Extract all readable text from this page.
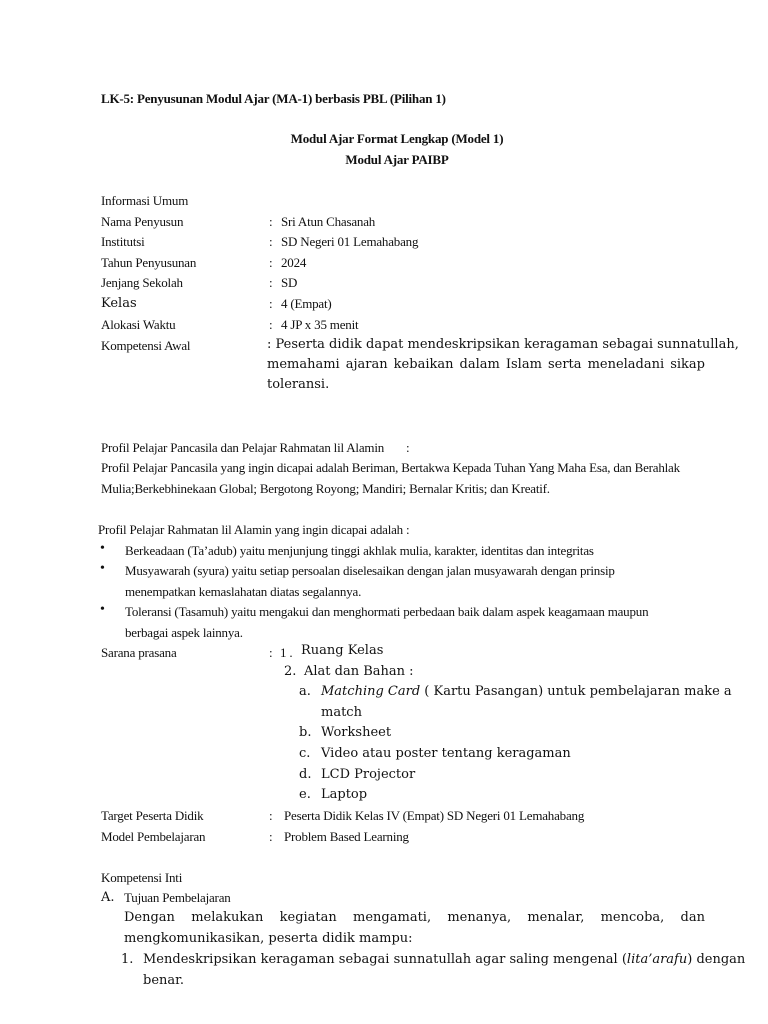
LK-5: Penyusunan Modul Ajar (MA-1) berbasis PBL (Pilihan 1)
Modul Ajar Format Lengkap (Model 1)
Modul Ajar PAIBP
Informasi Umum
Nama Penyusun	: Sri Atun Chasanah
Institutsi	: SD Negeri 01 Lemahabang
Tahun Penyusunan	: 2024
Jenjang Sekolah	: SD
Kelas	: 4 (Empat)
Alokasi Waktu	: 4 JP x 35 menit
Kompetensi Awal	: Peserta didik dapat mendeskripsikan keragaman sebagai sunnatullah,
memahami ajaran kebaikan dalam Islam serta meneladani sikap
toleransi.
Profil Pelajar Pancasila dan Pelajar Rahmatan lil Alamin :
Profil Pelajar Pancasila yang ingin dicapai adalah Beriman, Bertakwa Kepada Tuhan Yang Maha Esa, dan Berahlak
Mulia;Berkebhinekaan Global; Bergotong Royong; Mandiri; Bernalar Kritis; dan Kreatif.
Profil Pelajar Rahmatan lil Alamin yang ingin dicapai adalah :
• Berkeadaan (Ta’adub) yaitu menjunjung tinggi akhlak mulia, karakter, identitas dan integritas
• Musyawarah (syura) yaitu setiap persoalan diselesaikan dengan jalan musyawarah dengan prinsip
menempatkan kemaslahatan diatas segalannya.
• Toleransi (Tasamuh) yaitu mengakui dan menghormati perbedaan baik dalam aspek keagamaan maupun
berbagai aspek lainnya.
Sarana prasana	: 1 . Ruang Kelas
2. Alat dan Bahan :
a. Matching Card ( Kartu Pasangan) untuk pembelajaran make a
match
b. Worksheet
c. Video atau poster tentang keragaman
d. LCD Projector
e. Laptop
Target Peserta Didik	: Peserta Didik Kelas IV (Empat) SD Negeri 01 Lemahabang
Model Pembelajaran	: Problem Based Learning
Kompetensi Inti
A. Tujuan Pembelajaran
Dengan melakukan kegiatan mengamati, menanya, menalar, mencoba, dan
mengkomunikasikan, peserta didik mampu:
1. Mendeskripsikan keragaman sebagai sunnatullah agar saling mengenal (lita’arafu) dengan
benar.
